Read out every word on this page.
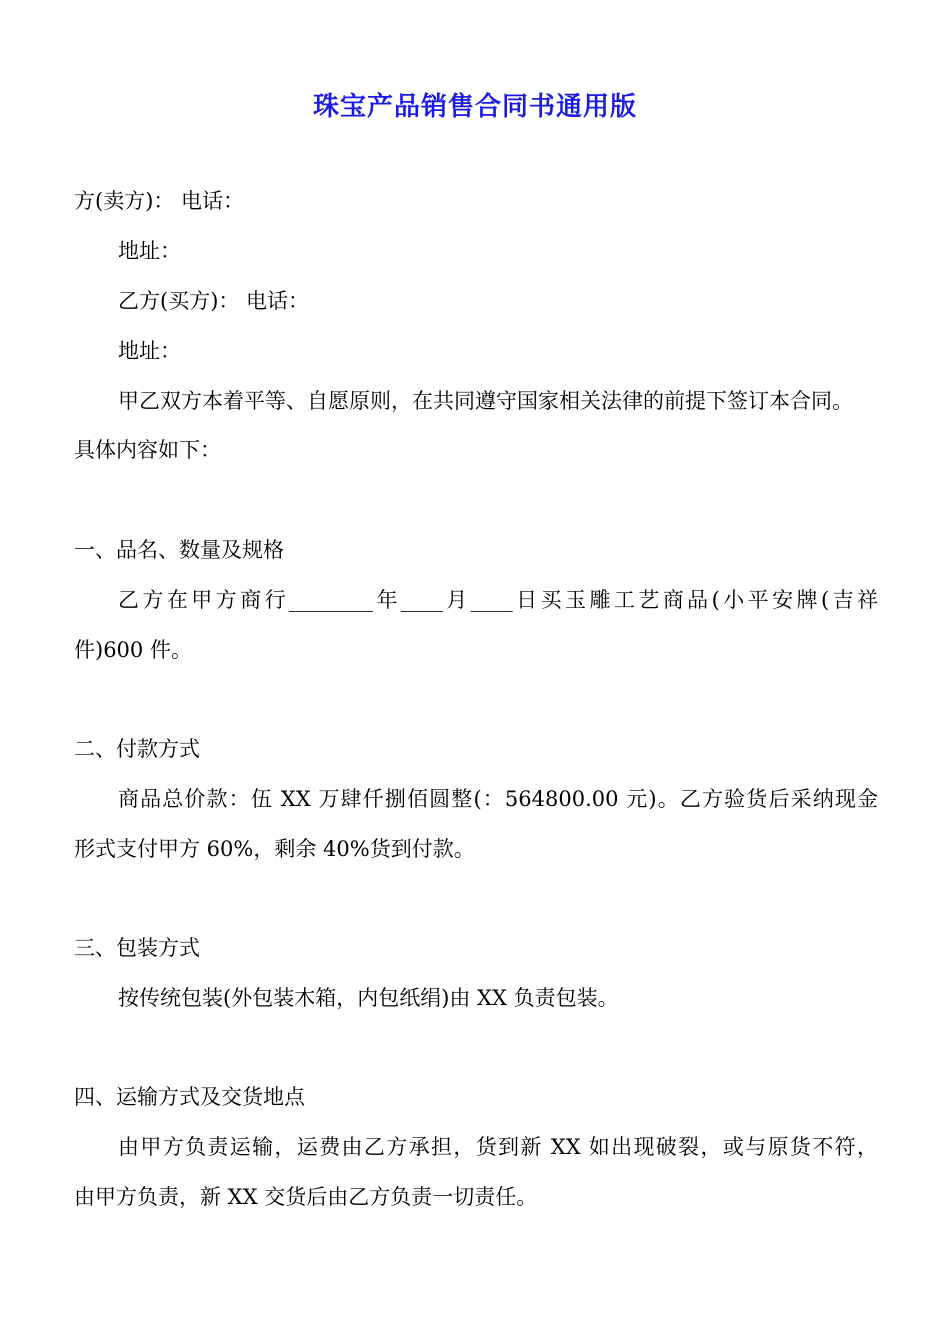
珠宝产品销售合同书通用版
方(卖方)： 电话：
地址：
乙方(买方)： 电话：
地址：
甲乙双方本着平等、自愿原则，在共同遵守国家相关法律的前提下签订本合同。
具体内容如下：
一、品名、数量及规格
乙方在甲方商行________年____月____日买玉雕工艺商品(小平安牌(吉祥
件)600 件。
二、付款方式
商品总价款：伍 XX 万肆仟捌佰圆整(：564800.00 元)。乙方验货后采纳现金
形式支付甲方 60%，剩余 40%货到付款。
三、包装方式
按传统包装(外包装木箱，内包纸绢)由 XX 负责包装。
四、运输方式及交货地点
由甲方负责运输，运费由乙方承担，货到新 XX 如出现破裂，或与原货不符，
由甲方负责，新 XX 交货后由乙方负责一切责任。
